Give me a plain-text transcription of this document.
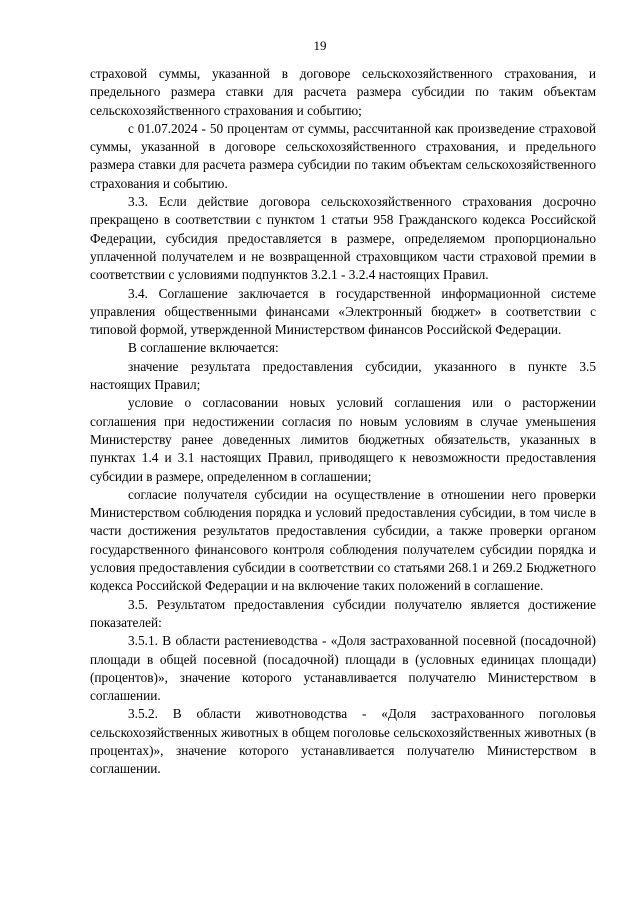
19

страховой суммы, указанной в договоре сельскохозяйственного страхования, и предельного размера ставки для расчета размера субсидии по таким объектам сельскохозяйственного страхования и событию;

с 01.07.2024 - 50 процентам от суммы, рассчитанной как произведение страховой суммы, указанной в договоре сельскохозяйственного страхования, и предельного размера ставки для расчета размера субсидии по таким объектам сельскохозяйственного страхования и событию.

3.3. Если действие договора сельскохозяйственного страхования досрочно прекращено в соответствии с пунктом 1 статьи 958 Гражданского кодекса Российской Федерации, субсидия предоставляется в размере, определяемом пропорционально уплаченной получателем и не возвращенной страховщиком части страховой премии в соответствии с условиями подпунктов 3.2.1 - 3.2.4 настоящих Правил.

3.4. Соглашение заключается в государственной информационной системе управления общественными финансами «Электронный бюджет» в соответствии с типовой формой, утвержденной Министерством финансов Российской Федерации.

В соглашение включается:

значение результата предоставления субсидии, указанного в пункте 3.5 настоящих Правил;

условие о согласовании новых условий соглашения или о расторжении соглашения при недостижении согласия по новым условиям в случае уменьшения Министерству ранее доведенных лимитов бюджетных обязательств, указанных в пунктах 1.4 и 3.1 настоящих Правил, приводящего к невозможности предоставления субсидии в размере, определенном в соглашении;

согласие получателя субсидии на осуществление в отношении него проверки Министерством соблюдения порядка и условий предоставления субсидии, в том числе в части достижения результатов предоставления субсидии, а также проверки органом государственного финансового контроля соблюдения получателем субсидии порядка и условия предоставления субсидии в соответствии со статьями 268.1 и 269.2 Бюджетного кодекса Российской Федерации и на включение таких положений в соглашение.

3.5. Результатом предоставления субсидии получателю является достижение показателей:

3.5.1. В области растениеводства - «Доля застрахованной посевной (посадочной) площади в общей посевной (посадочной) площади в (условных единицах площади) (процентов)», значение которого устанавливается получателю Министерством в соглашении.

3.5.2. В области животноводства - «Доля застрахованного поголовья сельскохозяйственных животных в общем поголовье сельскохозяйственных животных (в процентах)», значение которого устанавливается получателю Министерством в соглашении.
